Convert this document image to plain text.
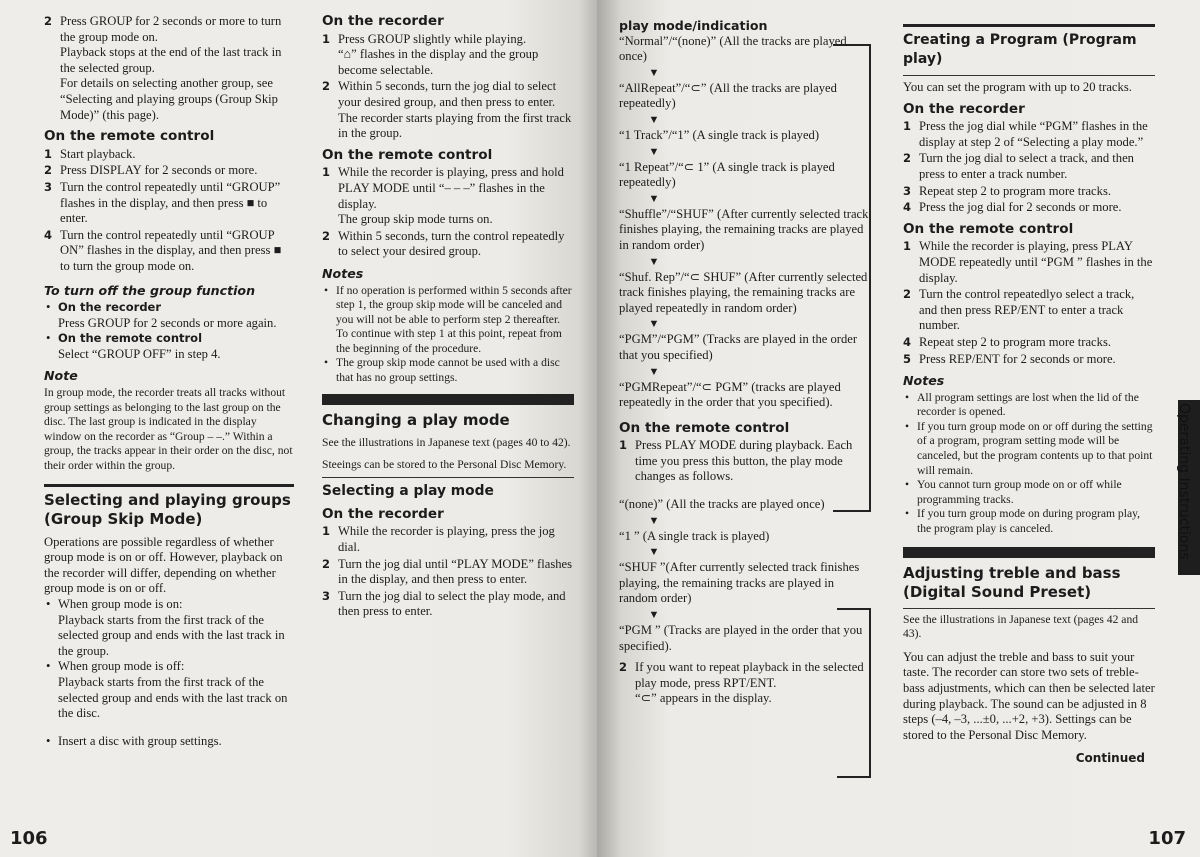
2 Press GROUP for 2 seconds or more to turn the group mode on.
Playback stops at the end of the last track in the selected group.
For details on selecting another group, see “Selecting and playing groups (Group Skip Mode)” (this page).
On the remote control
1 Start playback.
2 Press DISPLAY for 2 seconds or more.
3 Turn the control repeatedly until “GROUP” flashes in the display, and then press ■ to enter.
4 Turn the control repeatedly until “GROUP ON” flashes in the display, and then press ■ to turn the group mode on.
To turn off the group function
• On the recorder
Press GROUP for 2 seconds or more again.
• On the remote control
Select “GROUP OFF” in step 4.
Note
In group mode, the recorder treats all tracks without group settings as belonging to the last group on the disc. The last group is indicated in the display window on the recorder as “Group – –.” Within a group, the tracks appear in their order on the disc, not their order within the group.
Selecting and playing groups (Group Skip Mode)
Operations are possible regardless of whether group mode is on or off. However, playback on the recorder will differ, depending on whether group mode is on or off.
• When group mode is on:
Playback starts from the first track of the selected group and ends with the last track in the group.
• When group mode is off:
Playback starts from the first track of the selected group and ends with the last track on the disc.
• Insert a disc with group settings.
On the recorder
1 Press GROUP slightly while playing.
“⌂” flashes in the display and the group become selectable.
2 Within 5 seconds, turn the jog dial to select your desired group, and then press to enter.
The recorder starts playing from the first track in the group.
On the remote control
1 While the recorder is playing, press and hold PLAY MODE until “– – –” flashes in the display.
The group skip mode turns on.
2 Within 5 seconds, turn the control repeatedly to select your desired group.
Notes
• If no operation is performed within 5 seconds after step 1, the group skip mode will be canceled and you will not be able to perform step 2 thereafter. To continue with step 1 at this point, repeat from the beginning of the procedure.
• The group skip mode cannot be used with a disc that has no group settings.
Changing a play mode
See the illustrations in Japanese text (pages 40 to 42).
Steeings can be stored to the Personal Disc Memory.
Selecting a play mode
On the recorder
1 While the recorder is playing, press the jog dial.
2 Turn the jog dial until “PLAY MODE” flashes in the display, and then press to enter.
3 Turn the jog dial to select the play mode, and then press to enter.
106
play mode/indication
“Normal”/“(none)” (All the tracks are played once)
▼
“AllRepeat”/“⊂” (All the tracks are played repeatedly)
▼
“1 Track”/“1” (A single track is played)
▼
“1 Repeat”/“⊂ 1” (A single track is played repeatedly)
▼
“Shuffle”/“SHUF” (After currently selected track finishes playing, the remaining tracks are played in random order)
▼
“Shuf. Rep”/“⊂ SHUF” (After currently selected track finishes playing, the remaining tracks are played repeatedly in random order)
▼
“PGM”/“PGM” (Tracks are played in the order that you specified)
▼
“PGMRepeat”/“⊂ PGM” (tracks are played repeatedly in the order that you specified).
On the remote control
1 Press PLAY MODE during playback. Each time you press this button, the play mode changes as follows.
“(none)” (All the tracks are played once)
▼
“1 ” (A single track is played)
▼
“SHUF ”(After currently selected track finishes playing, the remaining tracks are played in random order)
▼
“PGM ” (Tracks are played in the order that you specified).
2 If you want to repeat playback in the selected play mode, press RPT/ENT.
“⊂” appears in the display.
Creating a Program (Program play)
You can set the program with up to 20 tracks.
On the recorder
1 Press the jog dial while “PGM” flashes in the display at step 2 of “Selecting a play mode.”
2 Turn the jog dial to select a track, and then press to enter a track number.
3 Repeat step 2 to program more tracks.
4 Press the jog dial for 2 seconds or more.
On the remote control
1 While the recorder is playing, press PLAY MODE repeatedly until “PGM ” flashes in the display.
2 Turn the control repeatedlyo select a track, and then press REP/ENT to enter a track number.
4 Repeat step 2 to program more tracks.
5 Press REP/ENT for 2 seconds or more.
Notes
• All program settings are lost when the lid of the recorder is opened.
• If you turn group mode on or off during the setting of a program, program setting mode will be canceled, but the program contents up to that point will remain.
• You cannot turn group mode on or off while programming tracks.
• If you turn group mode on during program play, the program play is canceled.
Adjusting treble and bass (Digital Sound Preset)
See the illustrations in Japanese text (pages 42 and 43).
You can adjust the treble and bass to suit your taste. The recorder can store two sets of treble-bass adjustments, which can then be selected later during playback. The sound can be adjusted in 8 steps (–4, –3, ...±0, ...+2, +3). Settings can be stored to the Personal Disc Memory.
Continued
Operating Instructions
107
